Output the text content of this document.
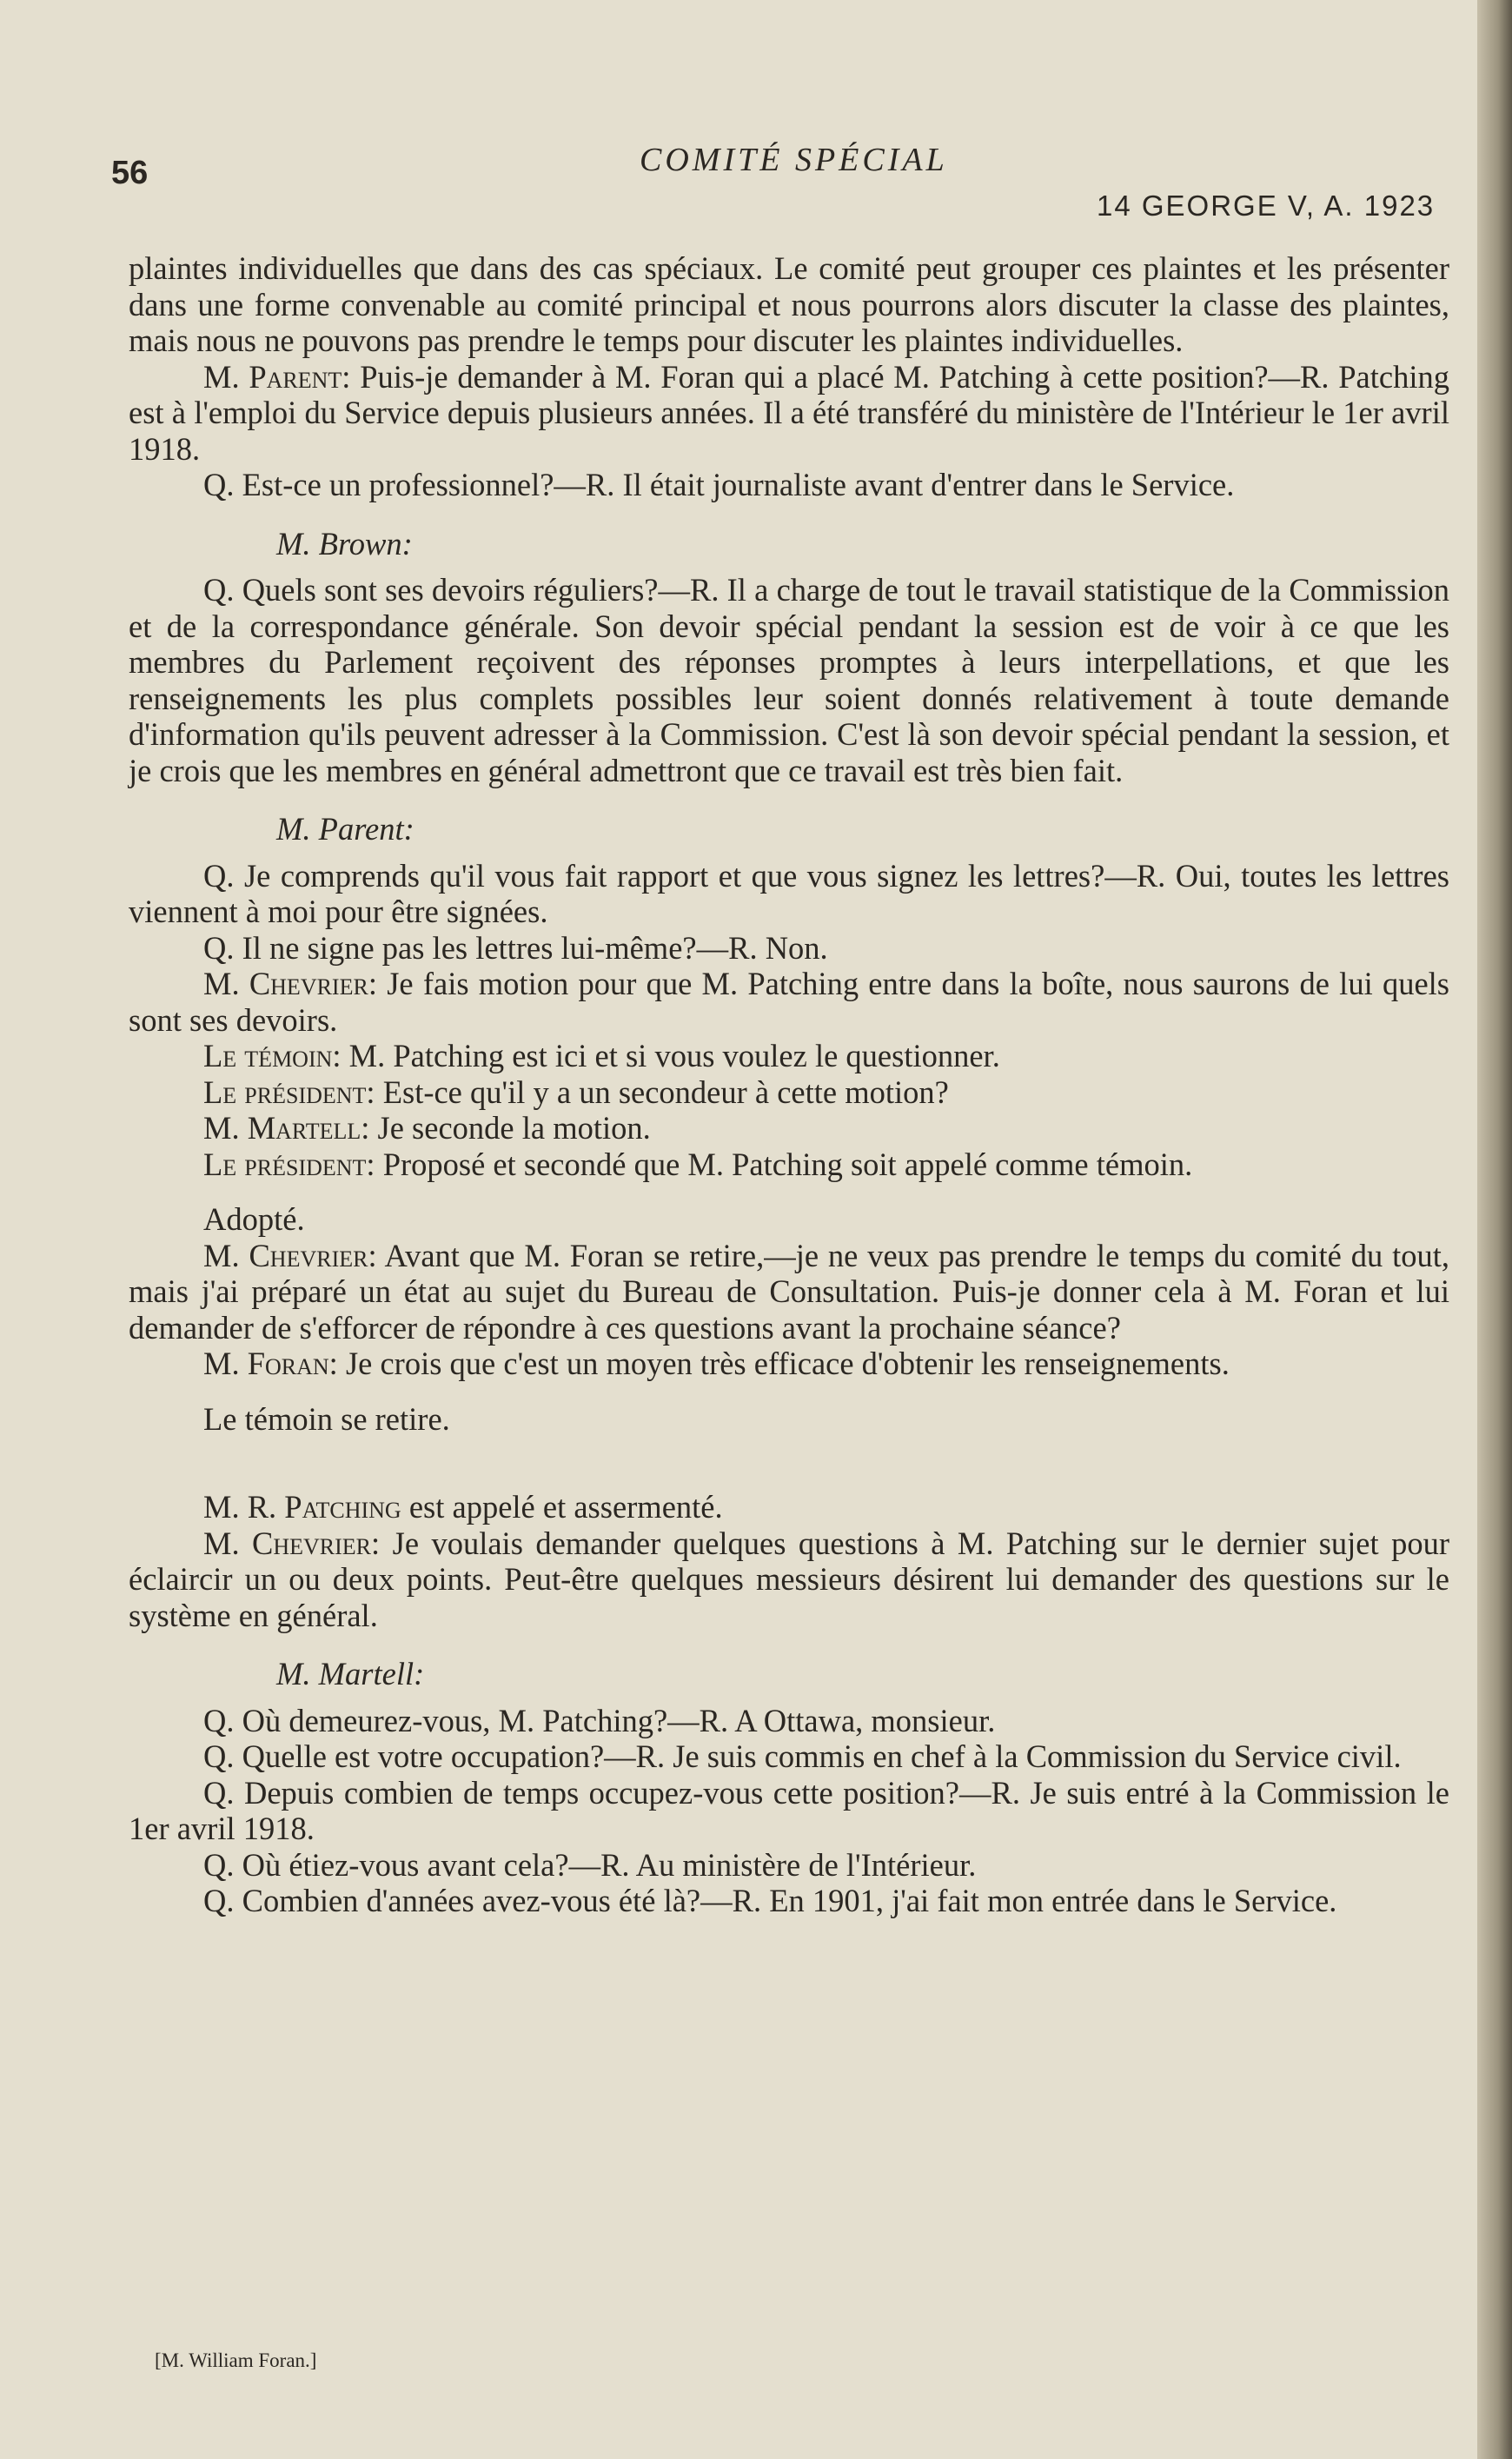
56	COMITÉ SPÉCIAL
14 GEORGE V, A. 1923

plaintes individuelles que dans des cas spéciaux. Le comité peut grouper ces plaintes et les présenter dans une forme convenable au comité principal et nous pourrons alors discuter la classe des plaintes, mais nous ne pouvons pas prendre le temps pour discuter les plaintes individuelles.

M. Parent: Puis-je demander à M. Foran qui a placé M. Patching à cette position?—R. Patching est à l'emploi du Service depuis plusieurs années. Il a été transféré du ministère de l'Intérieur le 1er avril 1918.

Q. Est-ce un professionnel?—R. Il était journaliste avant d'entrer dans le Service.

M. Brown:

Q. Quels sont ses devoirs réguliers?—R. Il a charge de tout le travail statistique de la Commission et de la correspondance générale. Son devoir spécial pendant la session est de voir à ce que les membres du Parlement reçoivent des réponses promptes à leurs interpellations, et que les renseignements les plus complets possibles leur soient donnés relativement à toute demande d'information qu'ils peuvent adresser à la Commission. C'est là son devoir spécial pendant la session, et je crois que les membres en général admettront que ce travail est très bien fait.

M. Parent:

Q. Je comprends qu'il vous fait rapport et que vous signez les lettres?—R. Oui, toutes les lettres viennent à moi pour être signées.

Q. Il ne signe pas les lettres lui-même?—R. Non.

M. Chevrier: Je fais motion pour que M. Patching entre dans la boîte, nous saurons de lui quels sont ses devoirs.

Le témoin: M. Patching est ici et si vous voulez le questionner.

Le président: Est-ce qu'il y a un secondeur à cette motion?

M. Martell: Je seconde la motion.

Le président: Proposé et secondé que M. Patching soit appelé comme témoin.

Adopté.

M. Chevrier: Avant que M. Foran se retire,—je ne veux pas prendre le temps du comité du tout, mais j'ai préparé un état au sujet du Bureau de Consultation. Puis-je donner cela à M. Foran et lui demander de s'efforcer de répondre à ces questions avant la prochaine séance?

M. Foran: Je crois que c'est un moyen très efficace d'obtenir les renseignements.

Le témoin se retire.

M. R. Patching est appelé et assermenté.

M. Chevrier: Je voulais demander quelques questions à M. Patching sur le dernier sujet pour éclaircir un ou deux points. Peut-être quelques messieurs désirent lui demander des questions sur le système en général.

M. Martell:

Q. Où demeurez-vous, M. Patching?—R. A Ottawa, monsieur.

Q. Quelle est votre occupation?—R. Je suis commis en chef à la Commission du Service civil.

Q. Depuis combien de temps occupez-vous cette position?—R. Je suis entré à la Commission le 1er avril 1918.

Q. Où étiez-vous avant cela?—R. Au ministère de l'Intérieur.

Q. Combien d'années avez-vous été là?—R. En 1901, j'ai fait mon entrée dans le Service.

[M. William Foran.]
